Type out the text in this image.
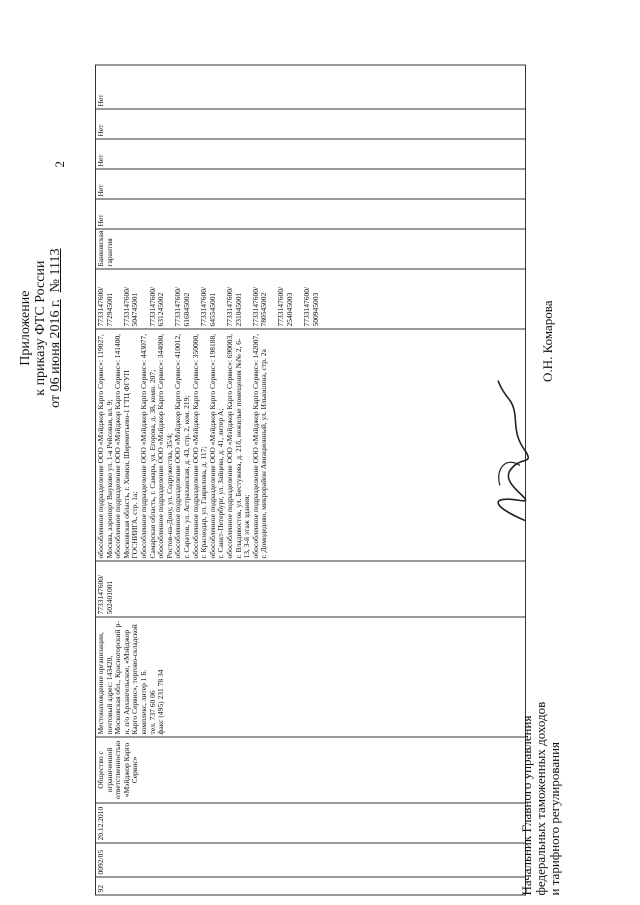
2
Приложение к приказу ФТС России
от 06 июня 2016 г.  № 1113
92	0092/05	20.12.2010	Общество с ограниченной ответственностью «Мэйджор Карго Сервис»	Местонахождение организации, почтовый адрес: 143420, Московская обл., Красногорский р-н, п/о Архангельское, «Мэйджор Карго Сервис», торгово-складской комплекс, литер 1 Б.
тел. 737 60 06
факс (495) 231 78 34	7733147600/ 502401001	обособленное подразделение ООО «Мэйджор Карго Сервис»: 119027, Москва, аэропорт Внуково ул. 1-я Рейсовая, вл. 9;
обособленное подразделение ООО «Мэйджор Карго Сервис»: 141400, Московская область, г. Химки, Шереметьево-1 ГТЦ ФГУП ГОСНИИГА, стр. 1а;
обособленное подразделение ООО «Мэйджор Карго Сервис»: 443077, Самарская область, г. Самара, ул. Егорова, д. 38, комн. 207;
обособленное подразделение ООО «Мэйджор Карго Сервис»: 344000, Ростов-на-Дону, ул. Содружества, 35/4;
обособленное подразделение ООО «Мэйджор Карго Сервис»: 410012, г. Саратов, ул. Астраханская, д. 43, стр. 2, ком. 219;
обособленное подразделение ООО «Мэйджор Карго Сервис»: 350000, г. Краснодар, ул. Гаврилова, д. 117;
обособленное подразделение ООО «Мэйджор Карго Сервис»: 198188, г. Санкт-Петербург, ул. Зайцева, д. 41, литер А;
обособленное подразделение ООО «Мэйджор Карго Сервис»: 690003, г. Владивосток, ул. Бестужева, д. 21б, нежилые помещения №№ 2, 6-13, 3-й этаж здания;
обособленное подразделение ООО «Мэйджор Карго Сервис»: 142007, г. Домодедово, микрорайон Авиационный, ул. Ильюшина, стр. 2а	7733147600/ 772945001

7733147600/ 504745001

7733147600/ 631245002

7733147600/ 616845002

7733147600/ 645545001

7733147600/ 231045001

7733147600/ 780545002

7733147600/ 254045003

7733147600/ 500945003	Банковская гарантия	Нет	Нет	Нет	Нет	Нет
Начальник Главного управления федеральных таможенных доходов и тарифного регулирования
О.Н. Комарова
